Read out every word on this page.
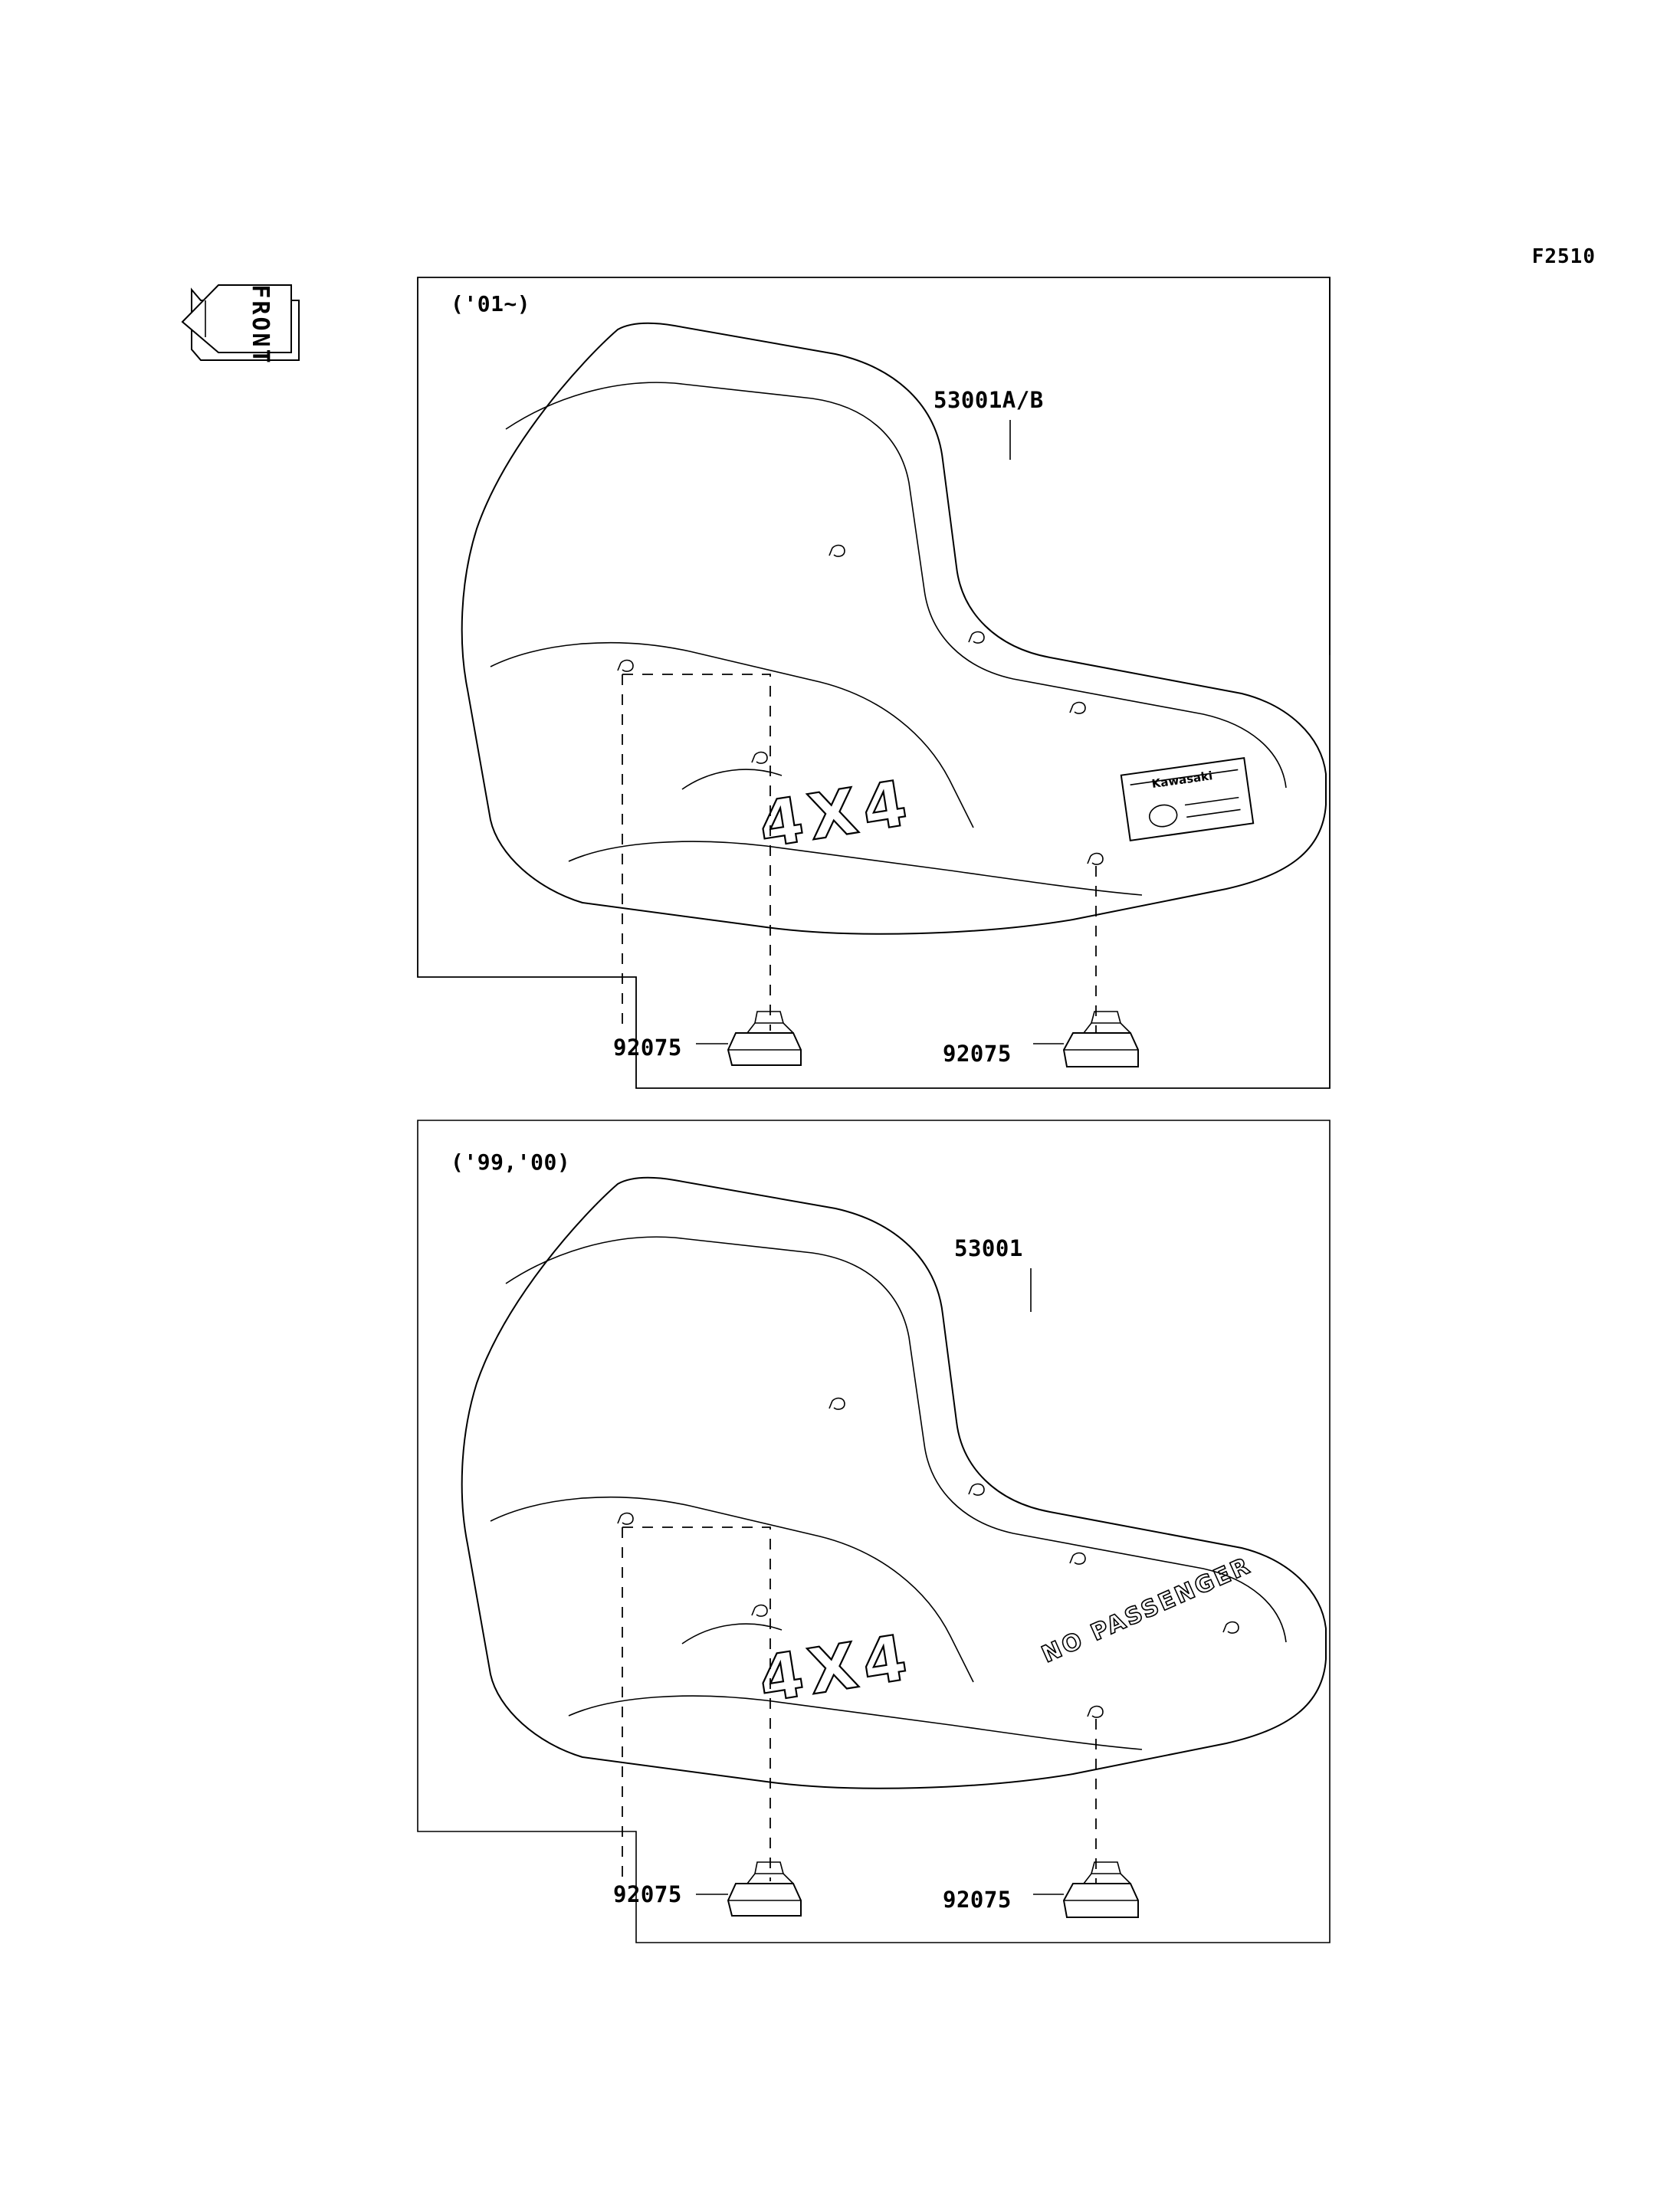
FRONT
Kawasaki
4X4
NO PASSENGER
4X4
F2510
('01~)
('99,'00)
53001A/B
53001
92075	92075
92075	92075
